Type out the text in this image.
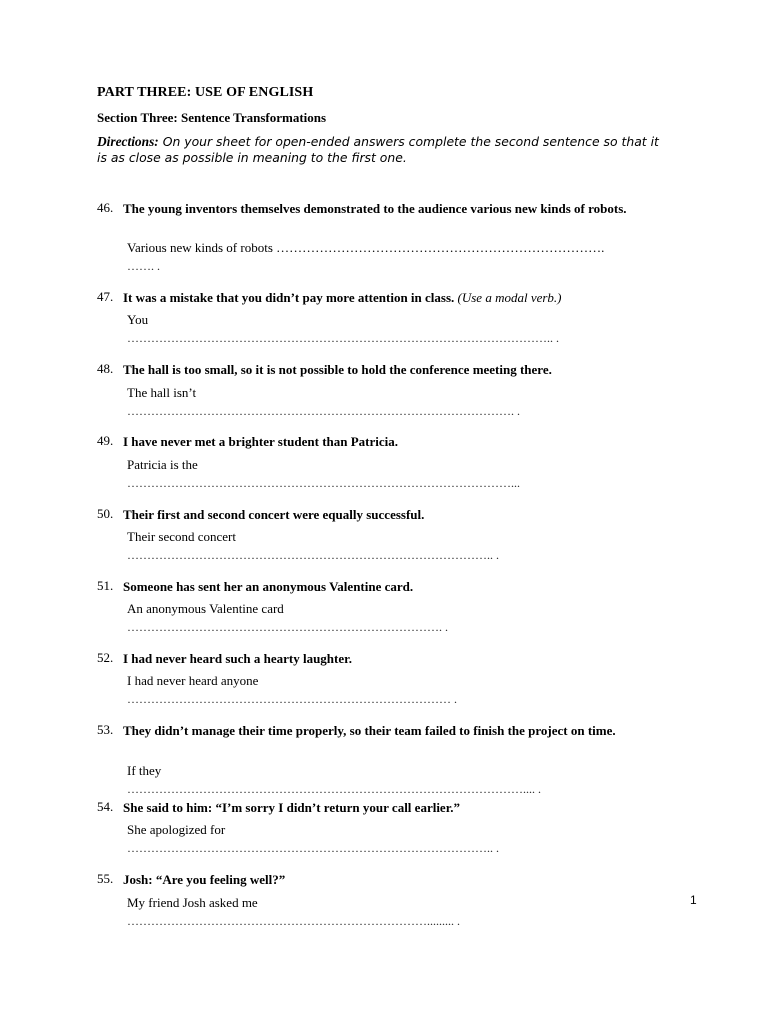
PART THREE: USE OF ENGLISH
Section Three: Sentence Transformations
Directions: On your sheet for open-ended answers complete the second sentence so that it is as close as possible in meaning to the first one.
46. The young inventors themselves demonstrated to the audience various new kinds of robots.
Various new kinds of robots ………………………………………………………………….
……. .
47. It was a mistake that you didn’t pay more attention in class. (Use a modal verb.)
You
…………………………………………………………………………………………….. .
48. The hall is too small, so it is not possible to hold the conference meeting there.
The hall isn’t
……………………………………………………………………………………. .
49. I have never met a brighter student than Patricia.
Patricia is the
……………………………………………………………………………………...
50. Their first and second concert were equally successful.
Their second concert
……………………………………………………………………………….. .
51. Someone has sent her an anonymous Valentine card.
An anonymous Valentine card
……………………………………………………………………. .
52. I had never heard such a hearty laughter.
I had never heard anyone
……………………………………………………………………… .
53. They didn’t manage their time properly, so their team failed to finish the project on time.
If they
……………………………………………………………………………………….... .
54. She said to him: “I’m sorry I didn’t return your call earlier.”
She apologized for
……………………………………………………………………………….. .
55. Josh: “Are you feeling well?”
My friend Josh asked me
…………………………………………………………………......... .
1
